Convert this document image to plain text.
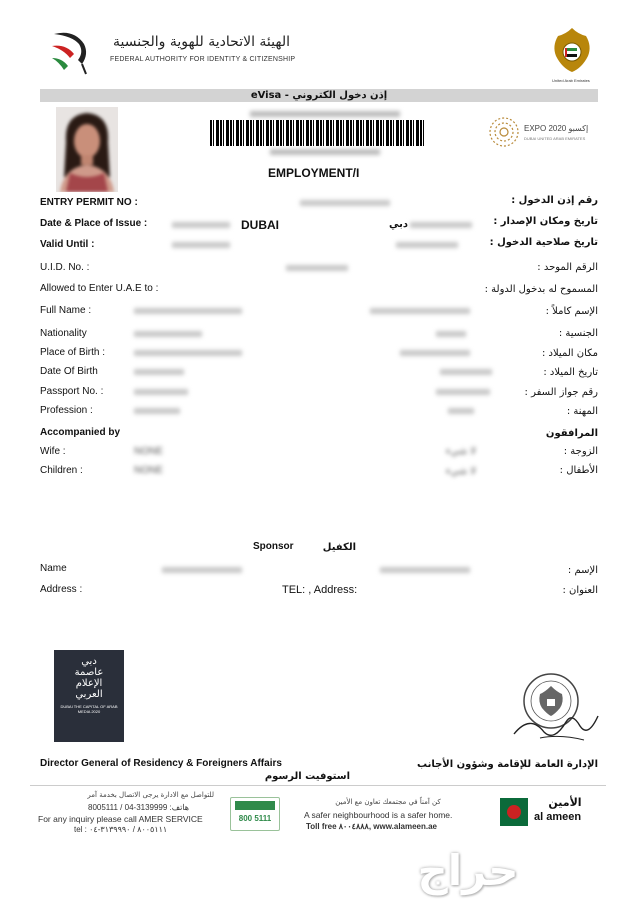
الهيئة الاتحادية للهوية والجنسية
FEDERAL AUTHORITY FOR IDENTITY & CITIZENSHIP
United Arab Emirates
eVisa - إذن دخول الكتروني
EXPO 2020 إكسبو
DUBAI UNITED ARAB EMIRATES
EMPLOYMENT/I
ENTRY PERMIT NO :	رقم إذن الدخول :
Date & Place of Issue :	DUBAI	دبي	تاريخ ومكان الإصدار :
Valid Until :	تاريخ صلاحية الدخول :
U.I.D. No. :	الرقم الموحد :
Allowed to Enter U.A.E to :	المسموح له بدخول الدولة :
Full Name :	الإسم كاملاً :
Nationality	الجنسية :
Place of Birth :	مكان الميلاد :
Date Of Birth	تاريخ الميلاد :
Passport No. :	رقم جواز السفر :
Profession :	المهنة :
Accompanied by	المرافقون
Wife :	NONE	لا شيء	الزوجة :
Children :	NONE	لا شيء	الأطفال :
Sponsor	الكفيل
Name	الإسم :
Address :	TEL: , Address:	العنوان :
دبي
عاصمة
الإعلام
العربي
DUBAI THE CAPITAL OF ARAB MEDIA 2020
Director General of Residency & Foreigners Affairs
استوفيت الرسوم
الإدارة العامة للإقامة وشؤون الأجانب
للتواصل مع الادارة يرجى الاتصال بخدمة آمر
8005111 / 04-3139999 :هاتف
For any inquiry please call AMER SERVICE
tel : ٨٠٠٥١١١ / ٣١٣٩٩٩٠-٠٤
800 5111
كن آمناً في مجتمعك تعاون مع الأمين
A safer neighbourhood is a safer home.
Toll free ٨٠٠٤٨٨٨, www.alameen.ae
الأمين
al ameen
حراج
